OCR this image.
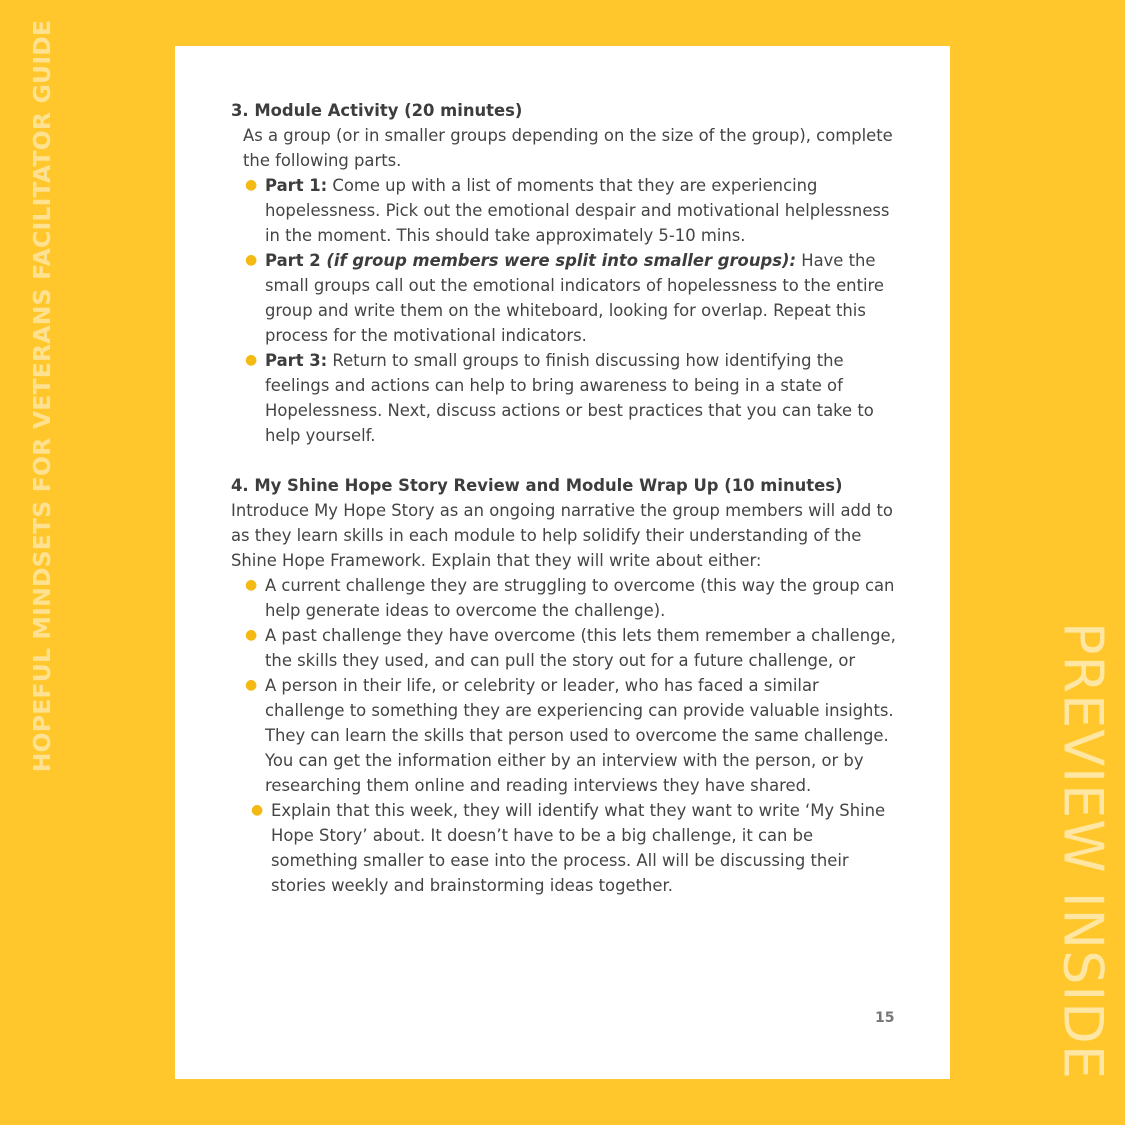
HOPEFUL MINDSETS FOR VETERANS FACILITATOR GUIDE
PREVIEW INSIDE
3. Module Activity (20 minutes)
As a group (or in smaller groups depending on the size of the group), complete the following parts.
● Part 1: Come up with a list of moments that they are experiencing hopelessness. Pick out the emotional despair and motivational helplessness in the moment. This should take approximately 5-10 mins.
● Part 2 (if group members were split into smaller groups): Have the small groups call out the emotional indicators of hopelessness to the entire group and write them on the whiteboard, looking for overlap. Repeat this process for the motivational indicators.
● Part 3: Return to small groups to finish discussing how identifying the feelings and actions can help to bring awareness to being in a state of Hopelessness. Next, discuss actions or best practices that you can take to help yourself.
4. My Shine Hope Story Review and Module Wrap Up (10 minutes)
Introduce My Hope Story as an ongoing narrative the group members will add to as they learn skills in each module to help solidify their understanding of the Shine Hope Framework. Explain that they will write about either:
● A current challenge they are struggling to overcome (this way the group can help generate ideas to overcome the challenge).
● A past challenge they have overcome (this lets them remember a challenge, the skills they used, and can pull the story out for a future challenge, or
● A person in their life, or celebrity or leader, who has faced a similar challenge to something they are experiencing can provide valuable insights. They can learn the skills that person used to overcome the same challenge. You can get the information either by an interview with the person, or by researching them online and reading interviews they have shared.
● Explain that this week, they will identify what they want to write ‘My Shine Hope Story’ about. It doesn’t have to be a big challenge, it can be something smaller to ease into the process. All will be discussing their stories weekly and brainstorming ideas together.
15
